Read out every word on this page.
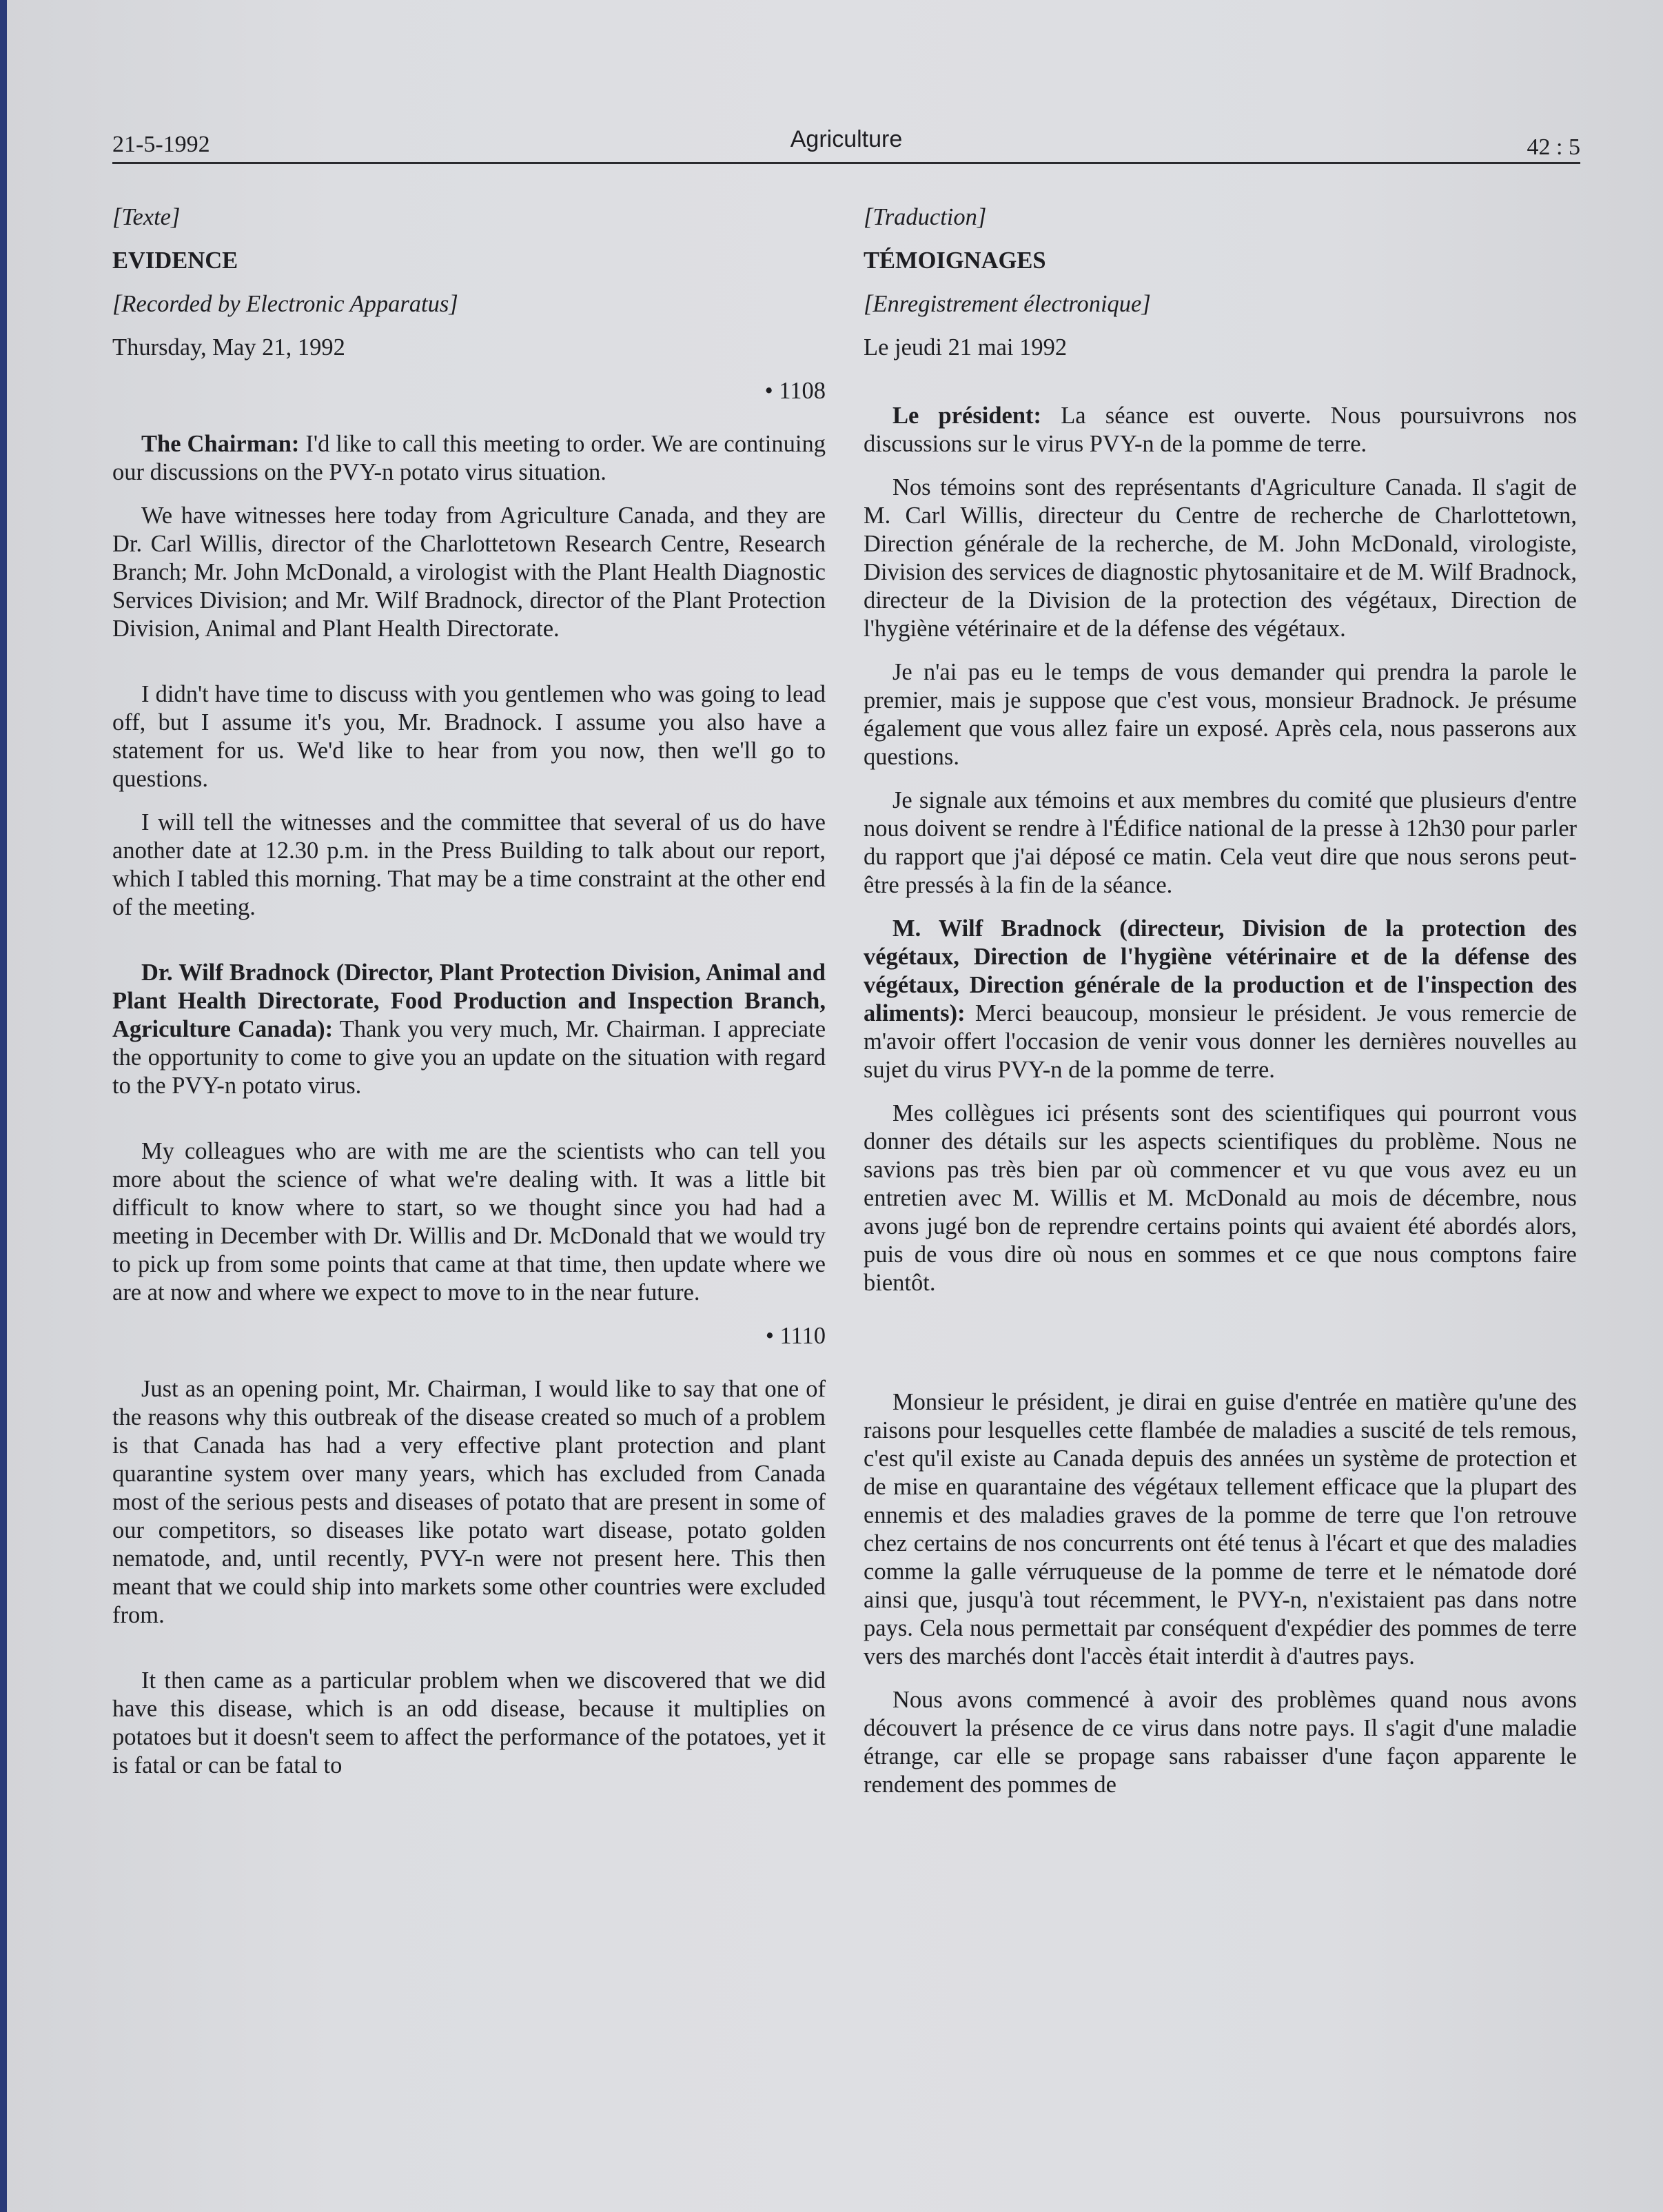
21-5-1992	Agriculture	42 : 5

[Texte]

EVIDENCE

[Recorded by Electronic Apparatus]

Thursday, May 21, 1992

• 1108

The Chairman: I'd like to call this meeting to order. We are continuing our discussions on the PVY-n potato virus situation.

We have witnesses here today from Agriculture Canada, and they are Dr. Carl Willis, director of the Charlottetown Research Centre, Research Branch; Mr. John McDonald, a virologist with the Plant Health Diagnostic Services Division; and Mr. Wilf Bradnock, director of the Plant Protection Division, Animal and Plant Health Directorate.

I didn't have time to discuss with you gentlemen who was going to lead off, but I assume it's you, Mr. Bradnock. I assume you also have a statement for us. We'd like to hear from you now, then we'll go to questions.

I will tell the witnesses and the committee that several of us do have another date at 12.30 p.m. in the Press Building to talk about our report, which I tabled this morning. That may be a time constraint at the other end of the meeting.

Dr. Wilf Bradnock (Director, Plant Protection Division, Animal and Plant Health Directorate, Food Production and Inspection Branch, Agriculture Canada): Thank you very much, Mr. Chairman. I appreciate the opportunity to come to give you an update on the situation with regard to the PVY-n potato virus.

My colleagues who are with me are the scientists who can tell you more about the science of what we're dealing with. It was a little bit difficult to know where to start, so we thought since you had had a meeting in December with Dr. Willis and Dr. McDonald that we would try to pick up from some points that came at that time, then update where we are at now and where we expect to move to in the near future.

• 1110

Just as an opening point, Mr. Chairman, I would like to say that one of the reasons why this outbreak of the disease created so much of a problem is that Canada has had a very effective plant protection and plant quarantine system over many years, which has excluded from Canada most of the serious pests and diseases of potato that are present in some of our competitors, so diseases like potato wart disease, potato golden nematode, and, until recently, PVY-n were not present here. This then meant that we could ship into markets some other countries were excluded from.

It then came as a particular problem when we discovered that we did have this disease, which is an odd disease, because it multiplies on potatoes but it doesn't seem to affect the performance of the potatoes, yet it is fatal or can be fatal to

[Traduction]

TÉMOIGNAGES

[Enregistrement électronique]

Le jeudi 21 mai 1992

Le président: La séance est ouverte. Nous poursuivrons nos discussions sur le virus PVY-n de la pomme de terre.

Nos témoins sont des représentants d'Agriculture Canada. Il s'agit de M. Carl Willis, directeur du Centre de recherche de Charlottetown, Direction générale de la recherche, de M. John McDonald, virologiste, Division des services de diagnostic phytosanitaire et de M. Wilf Bradnock, directeur de la Division de la protection des végétaux, Direction de l'hygiène vétérinaire et de la défense des végétaux.

Je n'ai pas eu le temps de vous demander qui prendra la parole le premier, mais je suppose que c'est vous, monsieur Bradnock. Je présume également que vous allez faire un exposé. Après cela, nous passerons aux questions.

Je signale aux témoins et aux membres du comité que plusieurs d'entre nous doivent se rendre à l'Édifice national de la presse à 12h30 pour parler du rapport que j'ai déposé ce matin. Cela veut dire que nous serons peut-être pressés à la fin de la séance.

M. Wilf Bradnock (directeur, Division de la protection des végétaux, Direction de l'hygiène vétérinaire et de la défense des végétaux, Direction générale de la production et de l'inspection des aliments): Merci beaucoup, monsieur le président. Je vous remercie de m'avoir offert l'occasion de venir vous donner les dernières nouvelles au sujet du virus PVY-n de la pomme de terre.

Mes collègues ici présents sont des scientifiques qui pourront vous donner des détails sur les aspects scientifiques du problème. Nous ne savions pas très bien par où commencer et vu que vous avez eu un entretien avec M. Willis et M. McDonald au mois de décembre, nous avons jugé bon de reprendre certains points qui avaient été abordés alors, puis de vous dire où nous en sommes et ce que nous comptons faire bientôt.

Monsieur le président, je dirai en guise d'entrée en matière qu'une des raisons pour lesquelles cette flambée de maladies a suscité de tels remous, c'est qu'il existe au Canada depuis des années un système de protection et de mise en quarantaine des végétaux tellement efficace que la plupart des ennemis et des maladies graves de la pomme de terre que l'on retrouve chez certains de nos concurrents ont été tenus à l'écart et que des maladies comme la galle vérruqueuse de la pomme de terre et le nématode doré ainsi que, jusqu'à tout récemment, le PVY-n, n'existaient pas dans notre pays. Cela nous permettait par conséquent d'expédier des pommes de terre vers des marchés dont l'accès était interdit à d'autres pays.

Nous avons commencé à avoir des problèmes quand nous avons découvert la présence de ce virus dans notre pays. Il s'agit d'une maladie étrange, car elle se propage sans rabaisser d'une façon apparente le rendement des pommes de
